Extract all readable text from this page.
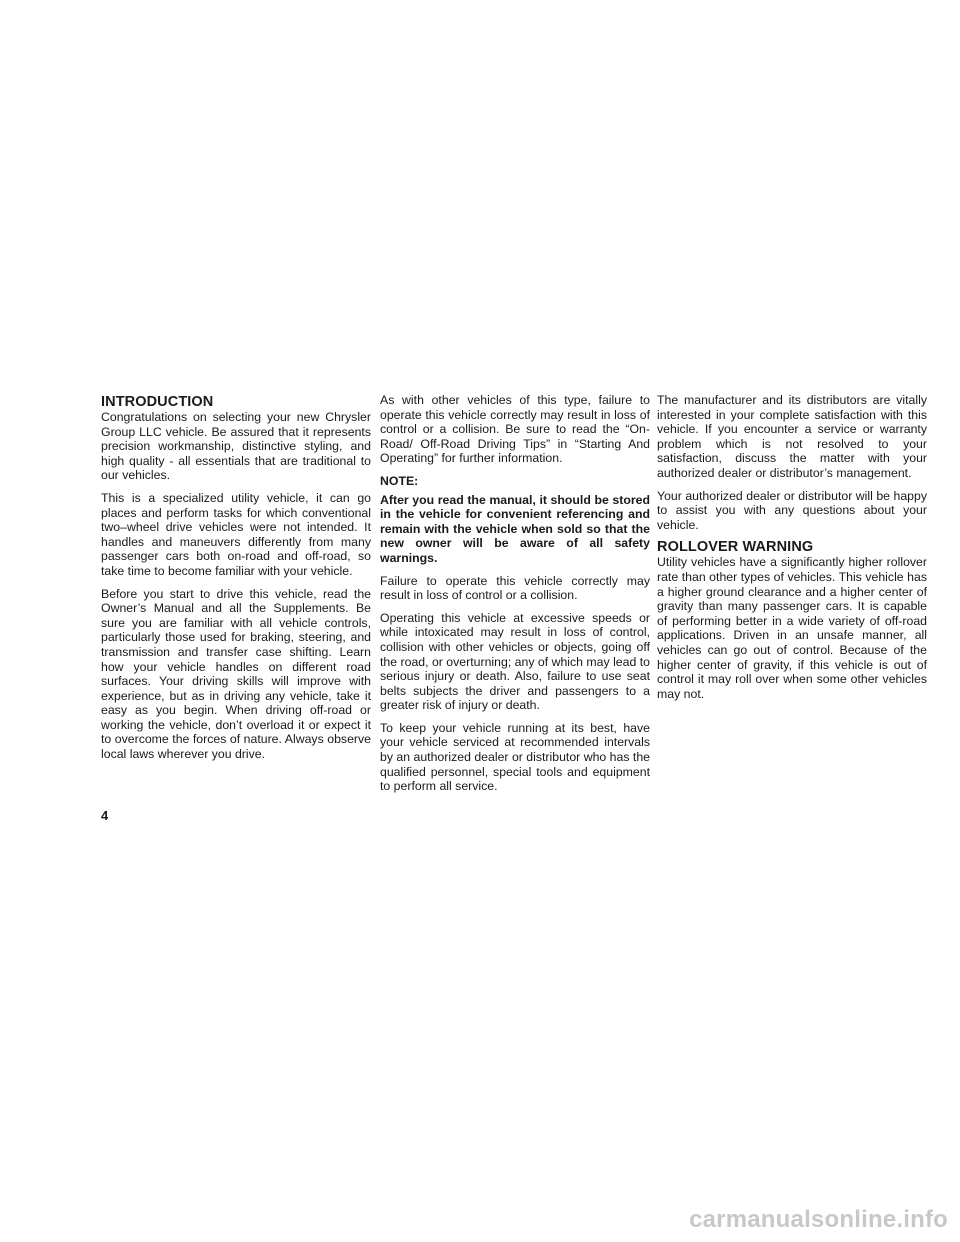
INTRODUCTION

Congratulations on selecting your new Chrysler Group LLC vehicle. Be assured that it represents precision workmanship, distinctive styling, and high quality - all essentials that are traditional to our vehicles.

This is a specialized utility vehicle, it can go places and perform tasks for which conventional two–wheel drive vehicles were not intended. It handles and maneuvers differently from many passenger cars both on-road and off-road, so take time to become familiar with your vehicle.

Before you start to drive this vehicle, read the Owner’s Manual and all the Supplements. Be sure you are familiar with all vehicle controls, particularly those used for braking, steering, and transmission and transfer case shifting. Learn how your vehicle handles on different road surfaces. Your driving skills will improve with experience, but as in driving any vehicle, take it easy as you begin. When driving off-road or working the vehicle, don’t overload it or expect it to overcome the forces of nature. Always observe local laws wherever you drive.

As with other vehicles of this type, failure to operate this vehicle correctly may result in loss of control or a collision. Be sure to read the “On-Road/ Off-Road Driving Tips” in “Starting And Operating” for further information.

NOTE:

After you read the manual, it should be stored in the vehicle for convenient referencing and remain with the vehicle when sold so that the new owner will be aware of all safety warnings.

Failure to operate this vehicle correctly may result in loss of control or a collision.

Operating this vehicle at excessive speeds or while intoxicated may result in loss of control, collision with other vehicles or objects, going off the road, or overturning; any of which may lead to serious injury or death. Also, failure to use seat belts subjects the driver and passengers to a greater risk of injury or death.

To keep your vehicle running at its best, have your vehicle serviced at recommended intervals by an authorized dealer or distributor who has the qualified personnel, special tools and equipment to perform all service.

The manufacturer and its distributors are vitally interested in your complete satisfaction with this vehicle. If you encounter a service or warranty problem which is not resolved to your satisfaction, discuss the matter with your authorized dealer or distributor’s management.

Your authorized dealer or distributor will be happy to assist you with any questions about your vehicle.

ROLLOVER WARNING

Utility vehicles have a significantly higher rollover rate than other types of vehicles. This vehicle has a higher ground clearance and a higher center of gravity than many passenger cars. It is capable of performing better in a wide variety of off-road applications. Driven in an unsafe manner, all vehicles can go out of control. Because of the higher center of gravity, if this vehicle is out of control it may roll over when some other vehicles may not.

4
carmanualsonline.info
